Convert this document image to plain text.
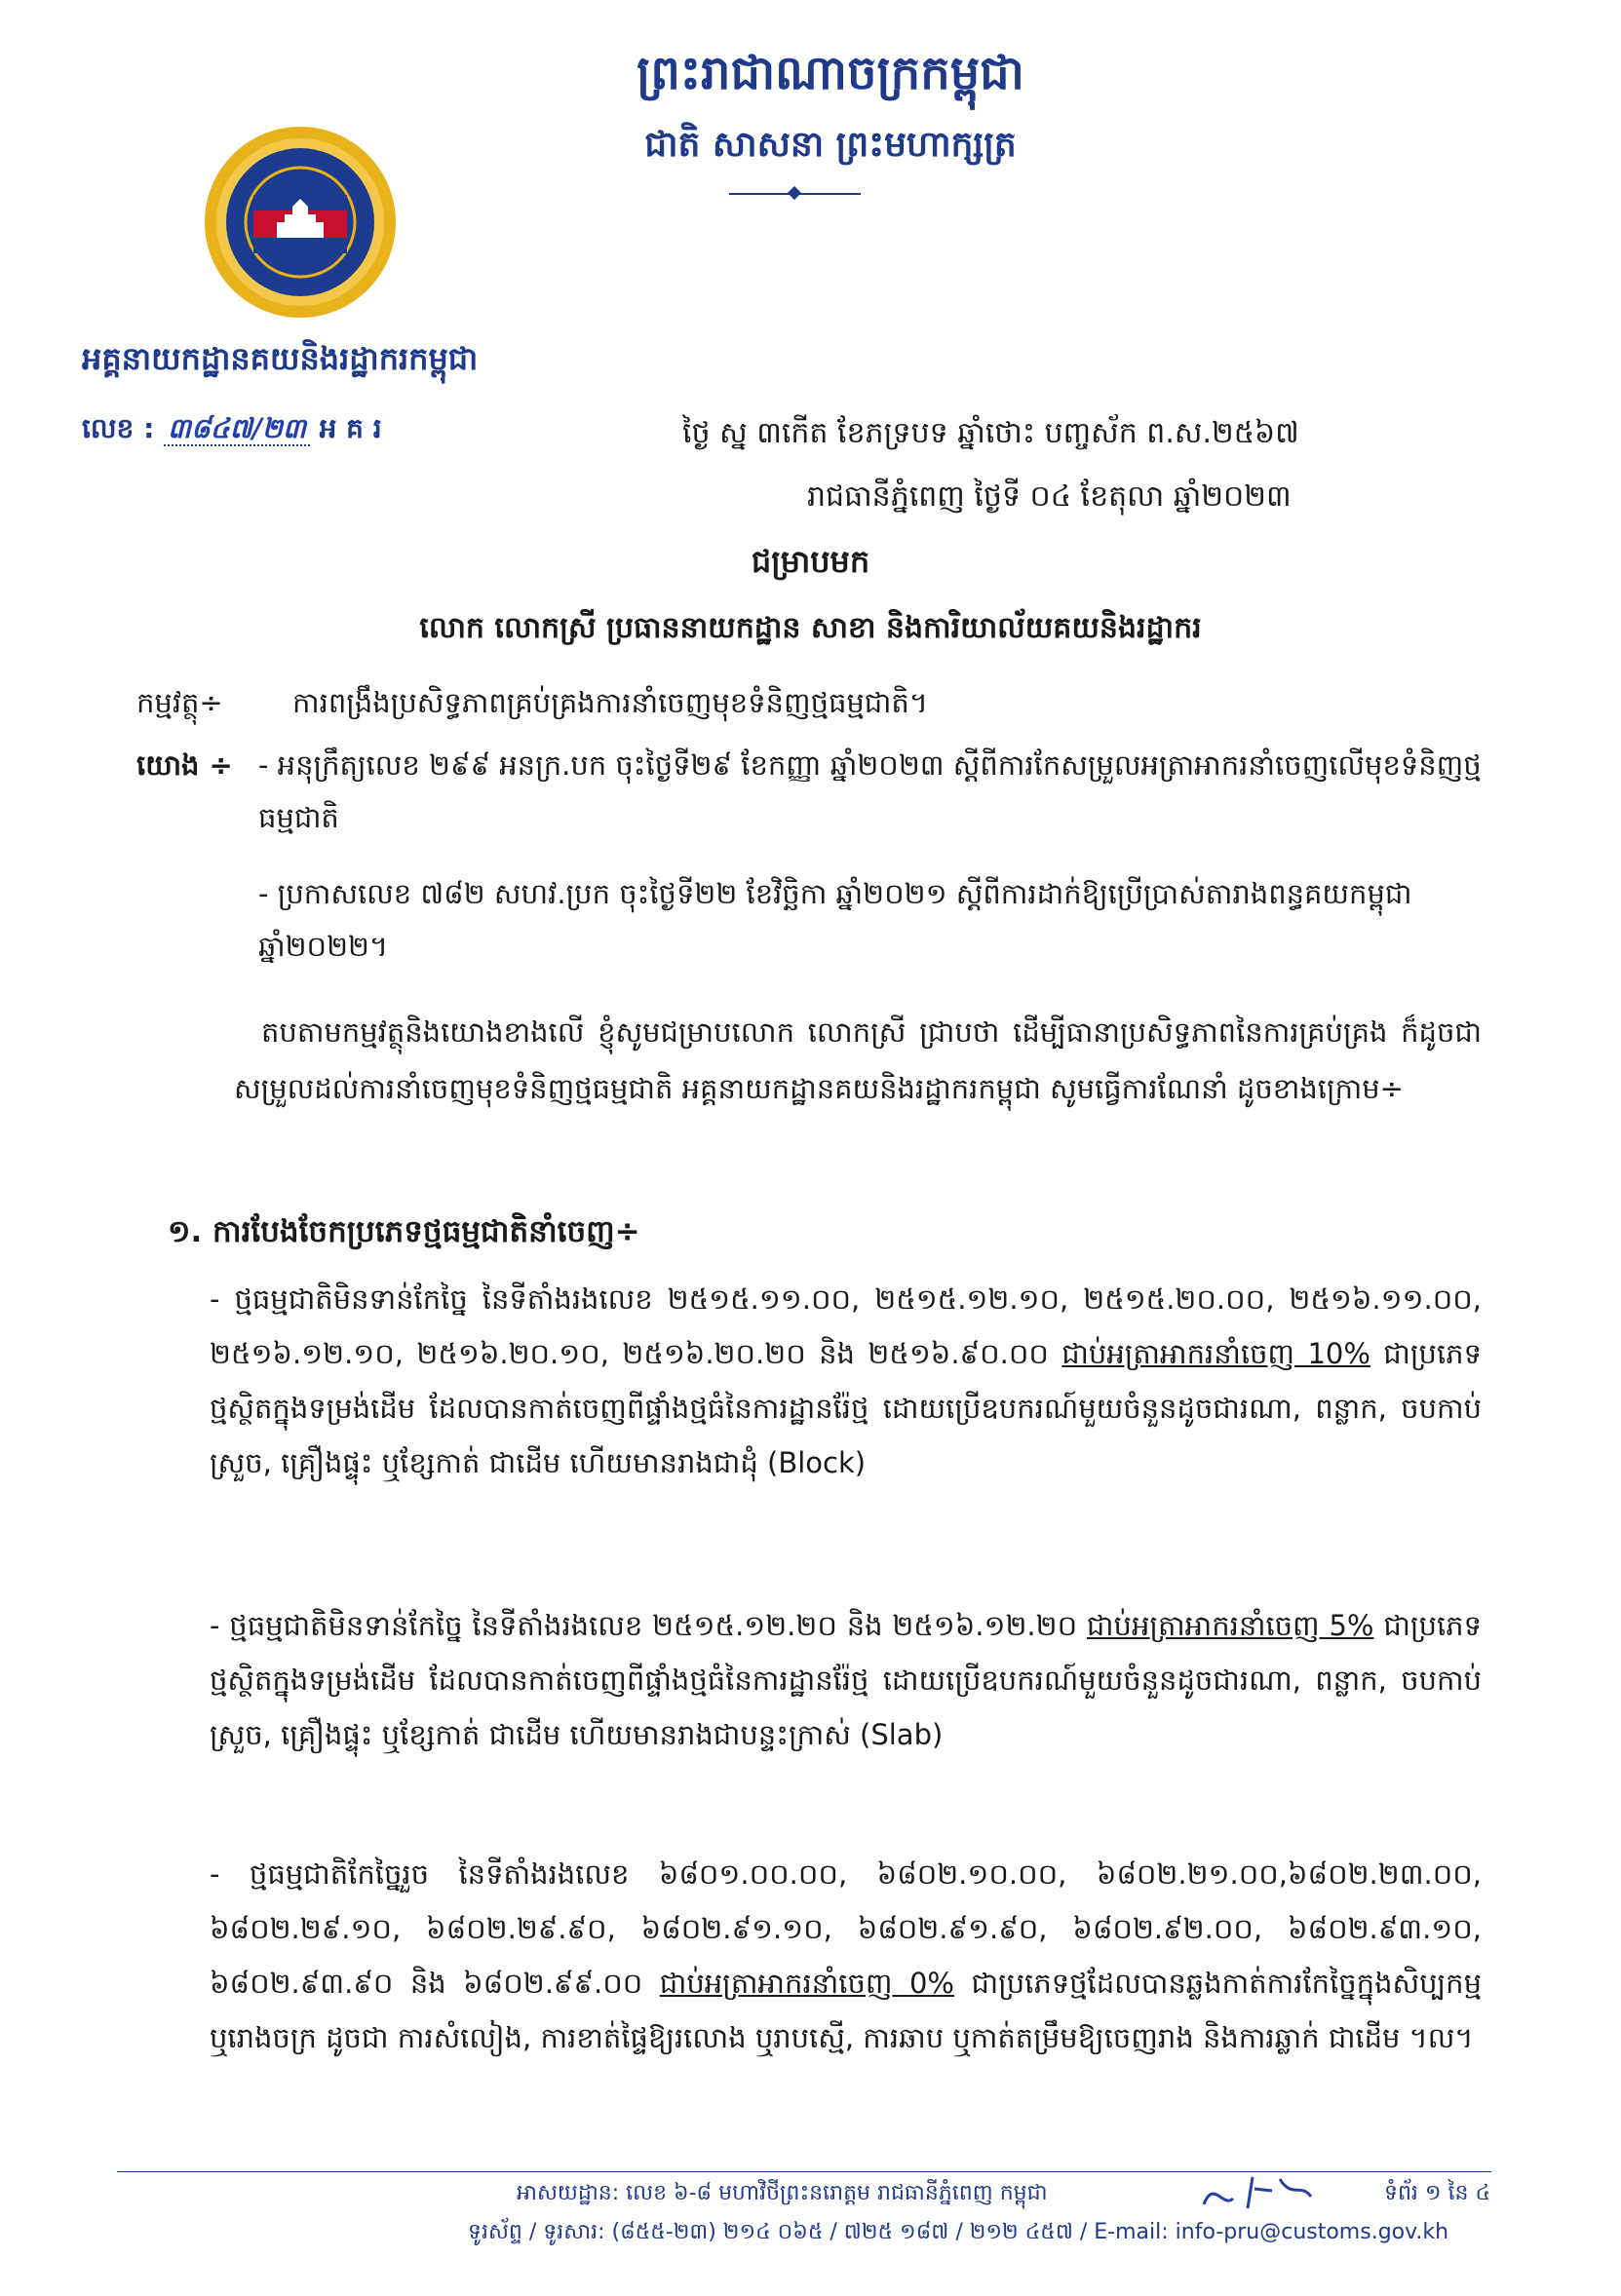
ព្រះរាជាណាចក្រកម្ពុជា
ជាតិ សាសនា ព្រះមហាក្សត្រ
អគ្គនាយកដ្ឋានគយនិងរដ្ឋាករកម្ពុជា
លេខ : ៣៨៤៧/២៣ អ គ រ	ថ្ងៃ ស្ន ៣កើត ខែភទ្របទ ឆ្នាំថោះ បញ្ចស័ក ព.ស.២៥៦៧
រាជធានីភ្នំពេញ ថ្ងៃទី ០៤ ខែតុលា ឆ្នាំ២០២៣
ជម្រាបមក
លោក លោកស្រី ប្រធាននាយកដ្ឋាន សាខា និងការិយាល័យគយនិងរដ្ឋាករ
កម្មវត្ថុ÷ ការពង្រឹងប្រសិទ្ធភាពគ្រប់គ្រងការនាំចេញមុខទំនិញថ្មធម្មជាតិ។
យោង ÷ - អនុក្រឹត្យលេខ ២៩៩ អនក្រ.បក ចុះថ្ងៃទី២៩ ខែកញ្ញា ឆ្នាំ២០២៣ ស្តីពីការកែសម្រួលអត្រាអាករនាំចេញលើមុខទំនិញថ្មធម្មជាតិ
- ប្រកាសលេខ ៧៨២ សហវ.ប្រក ចុះថ្ងៃទី២២ ខែវិច្ឆិកា ឆ្នាំ២០២១ ស្តីពីការដាក់ឱ្យប្រើប្រាស់តារាងពន្ធគយកម្ពុជា ឆ្នាំ២០២២។
តបតាមកម្មវត្ថុនិងយោងខាងលើ ខ្ញុំសូមជម្រាបលោក លោកស្រី ជ្រាបថា ដើម្បីធានាប្រសិទ្ធភាពនៃការគ្រប់គ្រង ក៏ដូចជាសម្រួលដល់ការនាំចេញមុខទំនិញថ្មធម្មជាតិ អគ្គនាយកដ្ឋានគយនិងរដ្ឋាករកម្ពុជា សូមធ្វើការណែនាំ ដូចខាងក្រោម÷
១. ការបែងចែកប្រភេទថ្មធម្មជាតិនាំចេញ÷
- ថ្មធម្មជាតិមិនទាន់កែច្នៃ នៃទីតាំងរងលេខ ២៥១៥.១១.០០, ២៥១៥.១២.១០, ២៥១៥.២០.០០, ២៥១៦.១១.០០, ២៥១៦.១២.១០, ២៥១៦.២០.១០, ២៥១៦.២០.២០ និង ២៥១៦.៩០.០០ ជាប់អត្រាអាករនាំចេញ 10% ជាប្រភេទថ្មស្ថិតក្នុងទម្រង់ដើម ដែលបានកាត់ចេញពីផ្ទាំងថ្មធំនៃការដ្ឋានរ៉ែថ្ម ដោយប្រើឧបករណ៍មួយចំនួនដូចជារណា, ពន្លាក, ចបកាប់ស្រួច, គ្រឿងផ្ទុះ ឬខ្សែកាត់ ជាដើម ហើយមានរាងជាដុំ (Block)
- ថ្មធម្មជាតិមិនទាន់កែច្នៃ នៃទីតាំងរងលេខ ២៥១៥.១២.២០ និង ២៥១៦.១២.២០ ជាប់អត្រាអាករនាំចេញ 5% ជាប្រភេទថ្មស្ថិតក្នុងទម្រង់ដើម ដែលបានកាត់ចេញពីផ្ទាំងថ្មធំនៃការដ្ឋានរ៉ែថ្ម ដោយប្រើឧបករណ៍មួយចំនួនដូចជារណា, ពន្លាក, ចបកាប់ស្រួច, គ្រឿងផ្ទុះ ឬខ្សែកាត់ ជាដើម ហើយមានរាងជាបន្ទះក្រាស់ (Slab)
- ថ្មធម្មជាតិកែច្នៃរួច នៃទីតាំងរងលេខ ៦៨០១.០០.០០, ៦៨០២.១០.០០, ៦៨០២.២១.០០,៦៨០២.២៣.០០, ៦៨០២.២៩.១០, ៦៨០២.២៩.៩០, ៦៨០២.៩១.១០, ៦៨០២.៩១.៩០, ៦៨០២.៩២.០០, ៦៨០២.៩៣.១០, ៦៨០២.៩៣.៩០ និង ៦៨០២.៩៩.០០ ជាប់អត្រាអាករនាំចេញ 0% ជាប្រភេទថ្មដែលបានឆ្លងកាត់ការកែច្នៃក្នុងសិប្បកម្ម ឬរោងចក្រ ដូចជា ការសំលៀង, ការខាត់ផ្ទៃឱ្យរលោង ឬរាបស្មើ, ការឆាប ឬកាត់តម្រឹមឱ្យចេញរាង និងការឆ្លាក់ ជាដើម ។ល។
អាសយដ្ឋាន: លេខ ៦-៨ មហាវិថីព្រះនរោត្តម រាជធានីភ្នំពេញ កម្ពុជា	ទំព័រ ១ នៃ ៤
ទូរស័ព្ទ / ទូរសារ: (៨៥៥-២៣) ២១៤ ០៦៥ / ៧២៥ ១៨៧ / ២១២ ៤៥៧ / E-mail: info-pru@customs.gov.kh
